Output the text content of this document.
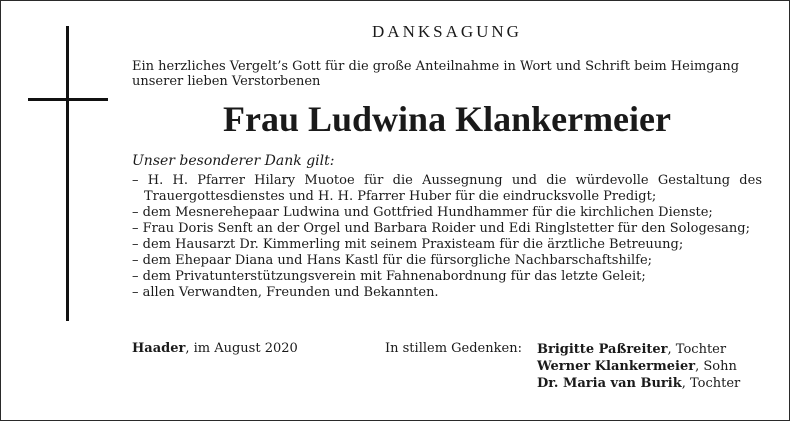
DANKSAGUNG
Ein herzliches Vergelt’s Gott für die große Anteilnahme in Wort und Schrift beim Heimgang unserer lieben Verstorbenen
Frau Ludwina Klankermeier
Unser besonderer Dank gilt:
– H. H. Pfarrer Hilary Muotoe für die Aussegnung und die würdevolle Gestaltung des Trauergottesdienstes und H. H. Pfarrer Huber für die eindrucksvolle Predigt;
– dem Mesnerehepaar Ludwina und Gottfried Hundhammer für die kirchlichen Dienste;
– Frau Doris Senft an der Orgel und Barbara Roider und Edi Ringlstetter für den Sologesang;
– dem Hausarzt Dr. Kimmerling mit seinem Praxisteam für die ärztliche Betreuung;
– dem Ehepaar Diana und Hans Kastl für die fürsorgliche Nachbarschaftshilfe;
– dem Privatunterstützungsverein mit Fahnenabordnung für das letzte Geleit;
– allen Verwandten, Freunden und Bekannten.
Haader, im August 2020	In stillem Gedenken: Brigitte Paßreiter, Tochter
Werner Klankermeier, Sohn
Dr. Maria van Burik, Tochter
